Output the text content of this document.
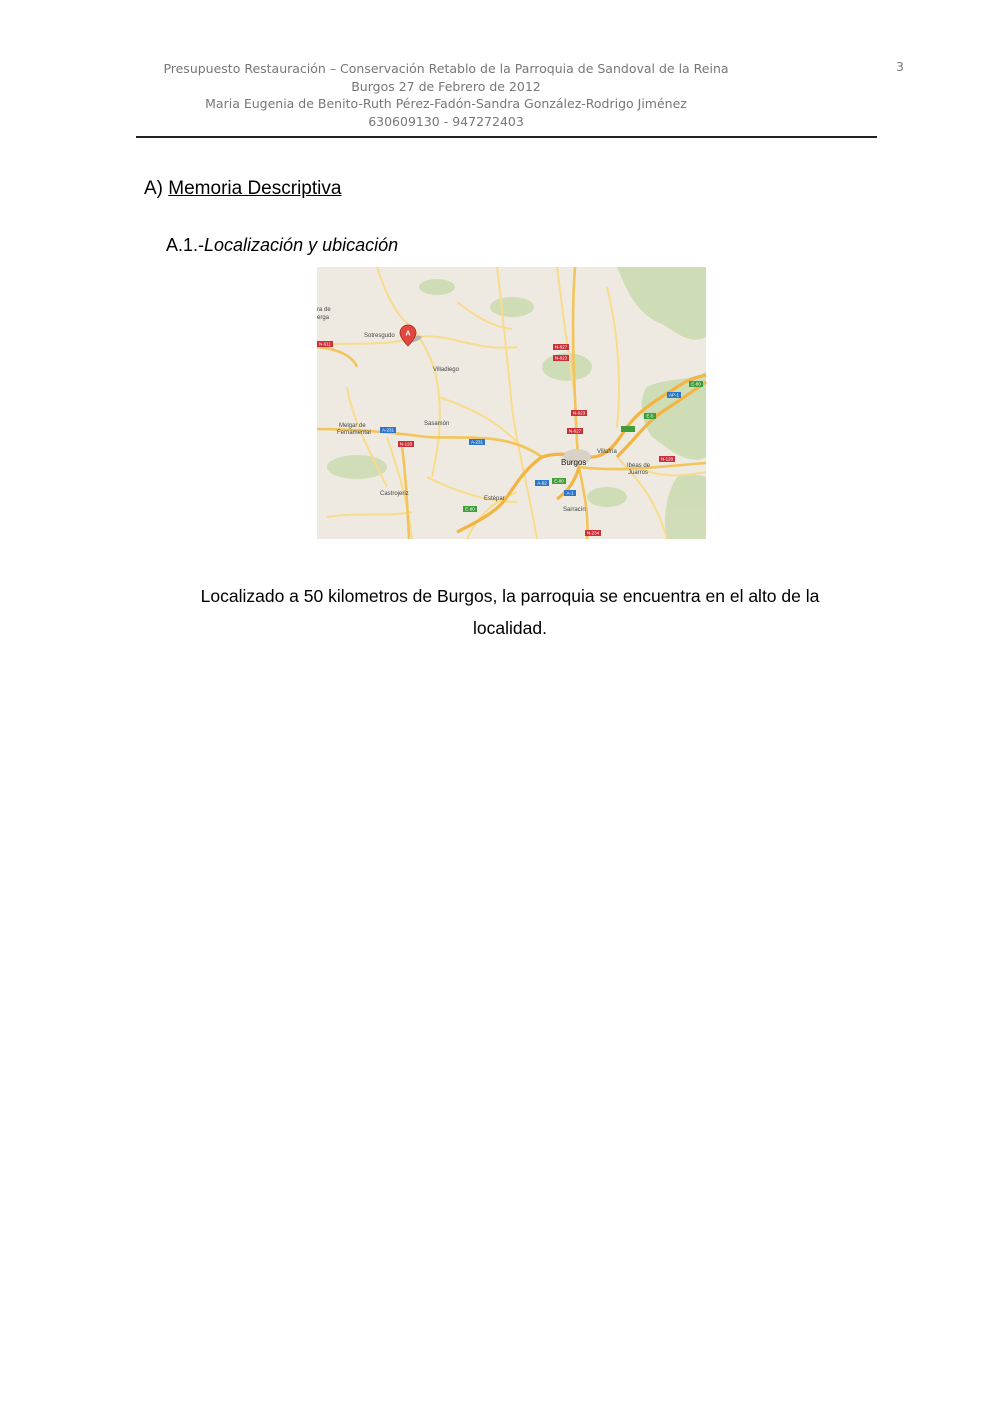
Presupuesto Restauración – Conservación Retablo de la Parroquia de Sandoval de la Reina
Burgos 27 de Febrero de 2012
Maria Eugenia de Benito-Ruth Pérez-Fadón-Sandra González-Rodrigo Jiménez
630609130 - 947272403
3
A) Memoria Descriptiva
A.1.-Localización y ubicación
A
Sotresgudo
Villadiego
Melgar de
Fernamental
Sasamón
Castrojeriz
Estépar
Burgos
Villafría
Ibeas de
Juarros
Sarracín
ra de
erga
N-611
N-627
N-623
N-623
N-627
N-627
A-231
A-231
N-120
N-120
A-62
A-1
E-80
E-80
E-80
E-5
AP-1
N-234
Localizado a 50 kilometros de Burgos, la parroquia se encuentra en el alto de la localidad.
